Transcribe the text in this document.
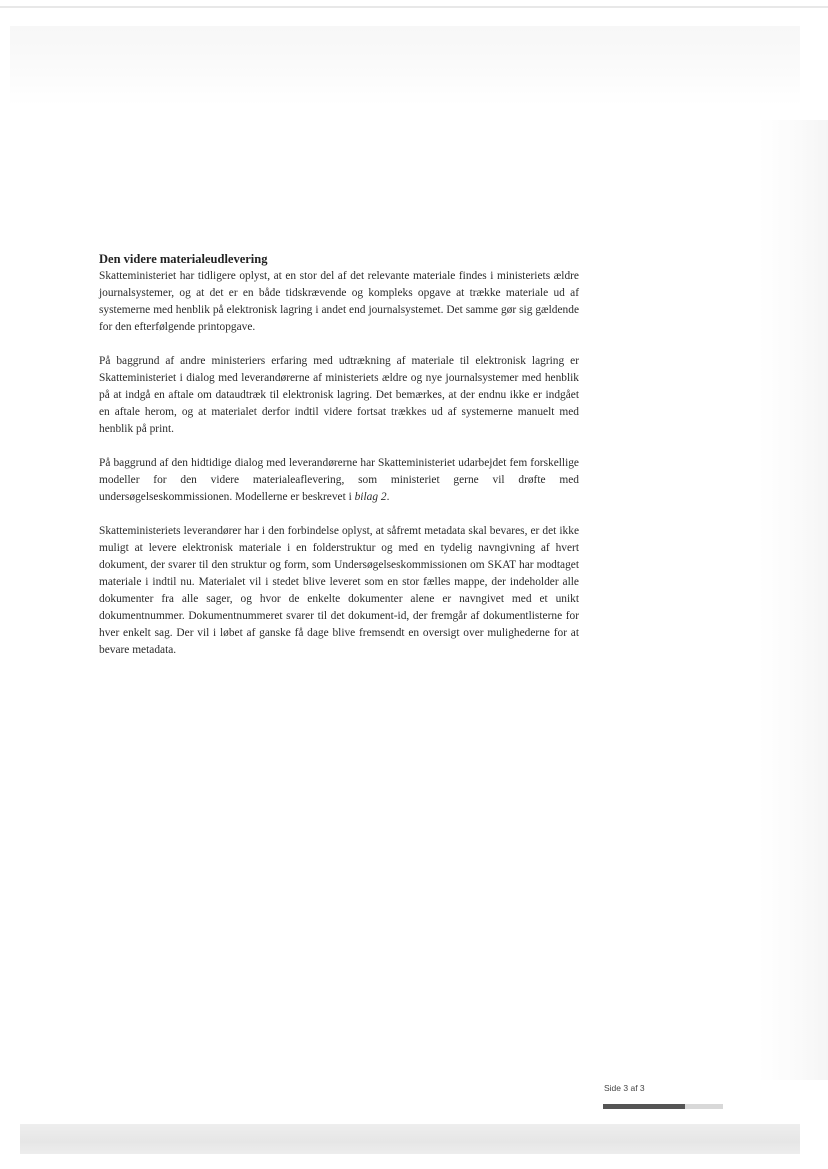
Den videre materialeudlevering

Skatteministeriet har tidligere oplyst, at en stor del af det relevante materiale findes i ministeriets ældre journalsystemer, og at det er en både tidskrævende og kompleks opgave at trække materiale ud af systemerne med henblik på elektronisk lagring i andet end journalsystemet. Det samme gør sig gældende for den efterfølgende printopgave.

På baggrund af andre ministeriers erfaring med udtrækning af materiale til elektronisk lagring er Skatteministeriet i dialog med leverandørerne af ministeriets ældre og nye journalsystemer med henblik på at indgå en aftale om dataudtræk til elektronisk lagring. Det bemærkes, at der endnu ikke er indgået en aftale herom, og at materialet derfor indtil videre fortsat trækkes ud af systemerne manuelt med henblik på print.

På baggrund af den hidtidige dialog med leverandørerne har Skatteministeriet udarbejdet fem forskellige modeller for den videre materialeaflevering, som ministeriet gerne vil drøfte med undersøgelseskommissionen. Modellerne er beskrevet i bilag 2.

Skatteministeriets leverandører har i den forbindelse oplyst, at såfremt metadata skal bevares, er det ikke muligt at levere elektronisk materiale i en folderstruktur og med en tydelig navngivning af hvert dokument, der svarer til den struktur og form, som Undersøgelseskommissionen om SKAT har modtaget materiale i indtil nu. Materialet vil i stedet blive leveret som en stor fælles mappe, der indeholder alle dokumenter fra alle sager, og hvor de enkelte dokumenter alene er navngivet med et unikt dokumentnummer. Dokumentnummeret svarer til det dokument-id, der fremgår af dokumentlisterne for hver enkelt sag. Der vil i løbet af ganske få dage blive fremsendt en oversigt over mulighederne for at bevare metadata.

Side 3 af 3
